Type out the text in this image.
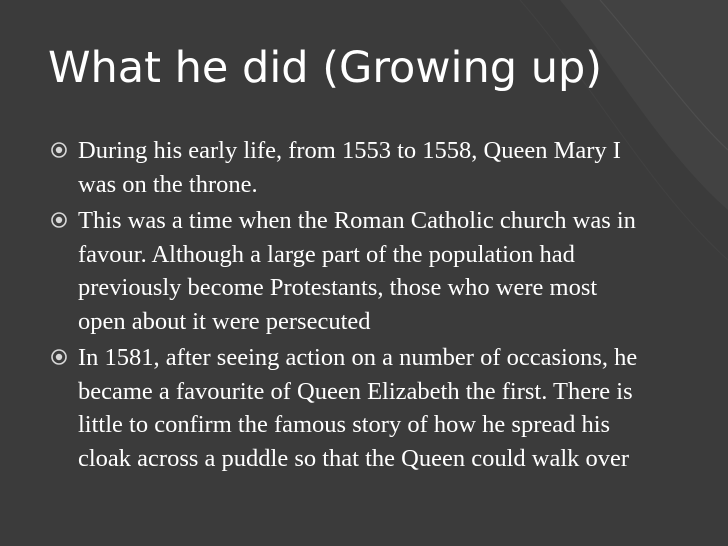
What he did (Growing up)
During his early life, from 1553 to 1558, Queen Mary I was on the throne.
This was a time when the Roman Catholic church was in favour. Although a large part of the population had previously become Protestants, those who were most open about it were persecuted
In 1581, after seeing action on a number of occasions, he became a favourite of Queen Elizabeth the first. There is little to confirm the famous story of how he spread his cloak across a puddle so that the Queen could walk over
